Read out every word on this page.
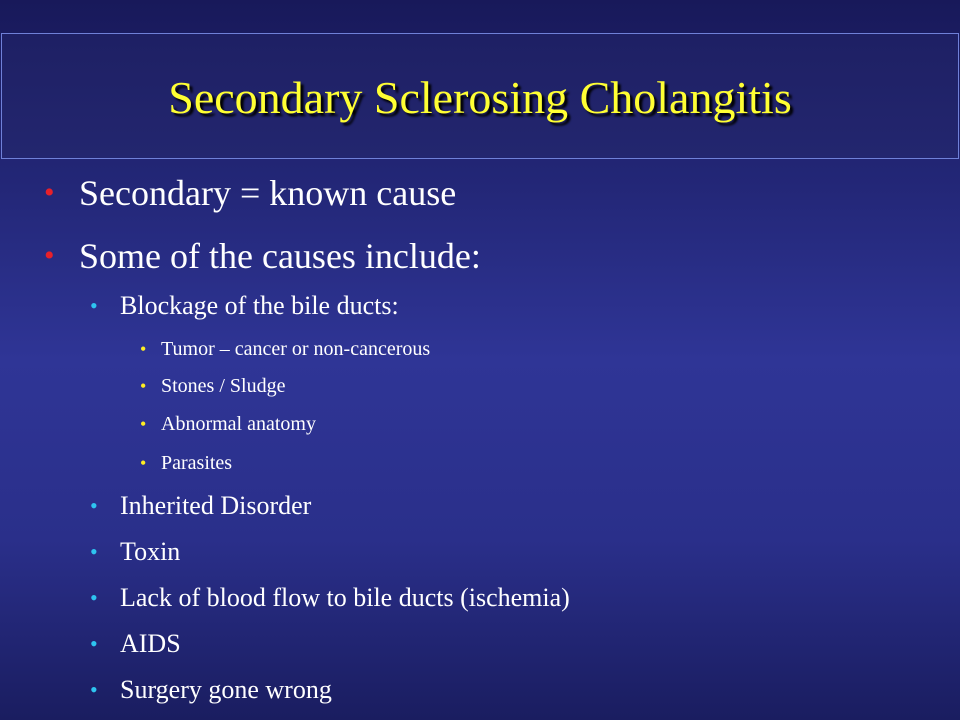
Secondary Sclerosing Cholangitis
• Secondary = known cause
• Some of the causes include:
• Blockage of the bile ducts:
• Tumor – cancer or non-cancerous
• Stones / Sludge
• Abnormal anatomy
• Parasites
• Inherited Disorder
• Toxin
• Lack of blood flow to bile ducts (ischemia)
• AIDS
• Surgery gone wrong
